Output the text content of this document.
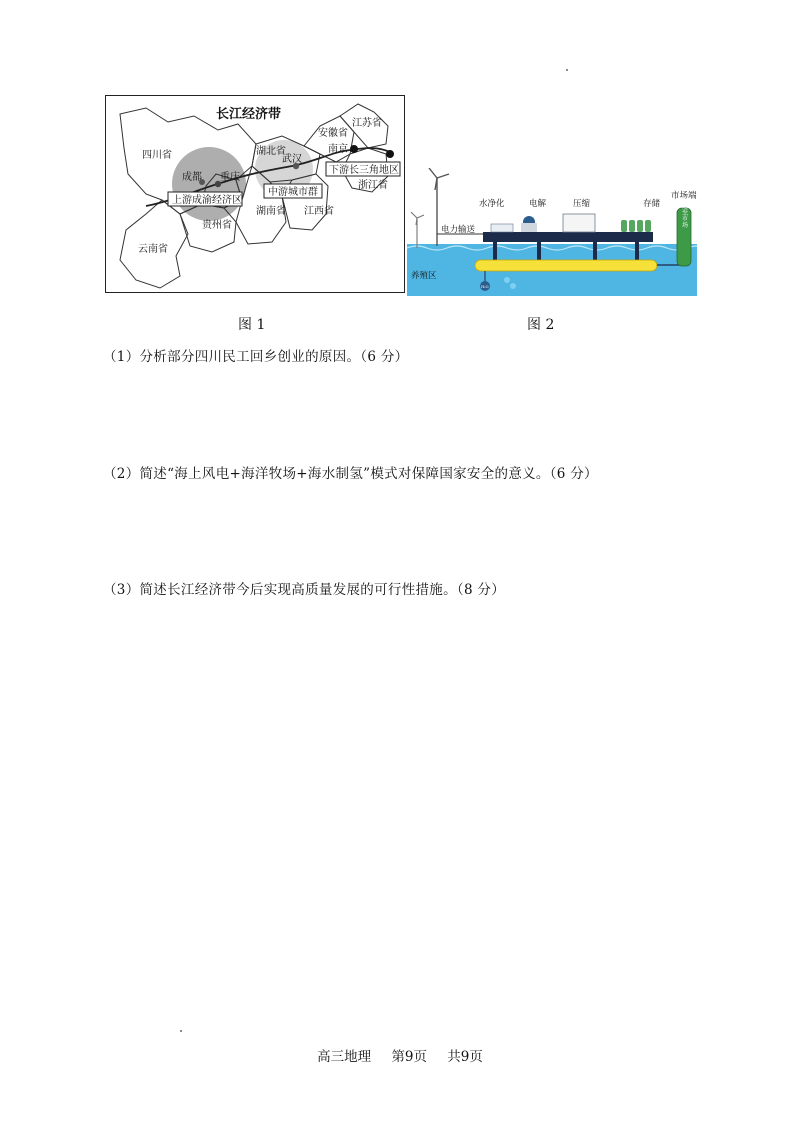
长江经济带
四川省
云南省
贵州省
湖北省
湖南省 江西省
安徽省
江苏省
浙江省
成都 重庆
武汉
南京
上游成渝经济区
中游城市群
下游长三角地区
水净化	电解	压缩	存储
市场端
电力输送
养殖区
H₂O
输送至市场
图 1	图 2
（1）分析部分四川民工回乡创业的原因。（6 分）
（2）简述“海上风电+海洋牧场+海水制氢”模式对保障国家安全的意义。（6 分）
（3）简述长江经济带今后实现高质量发展的可行性措施。（8 分）
高三地理 第9页 共9页
